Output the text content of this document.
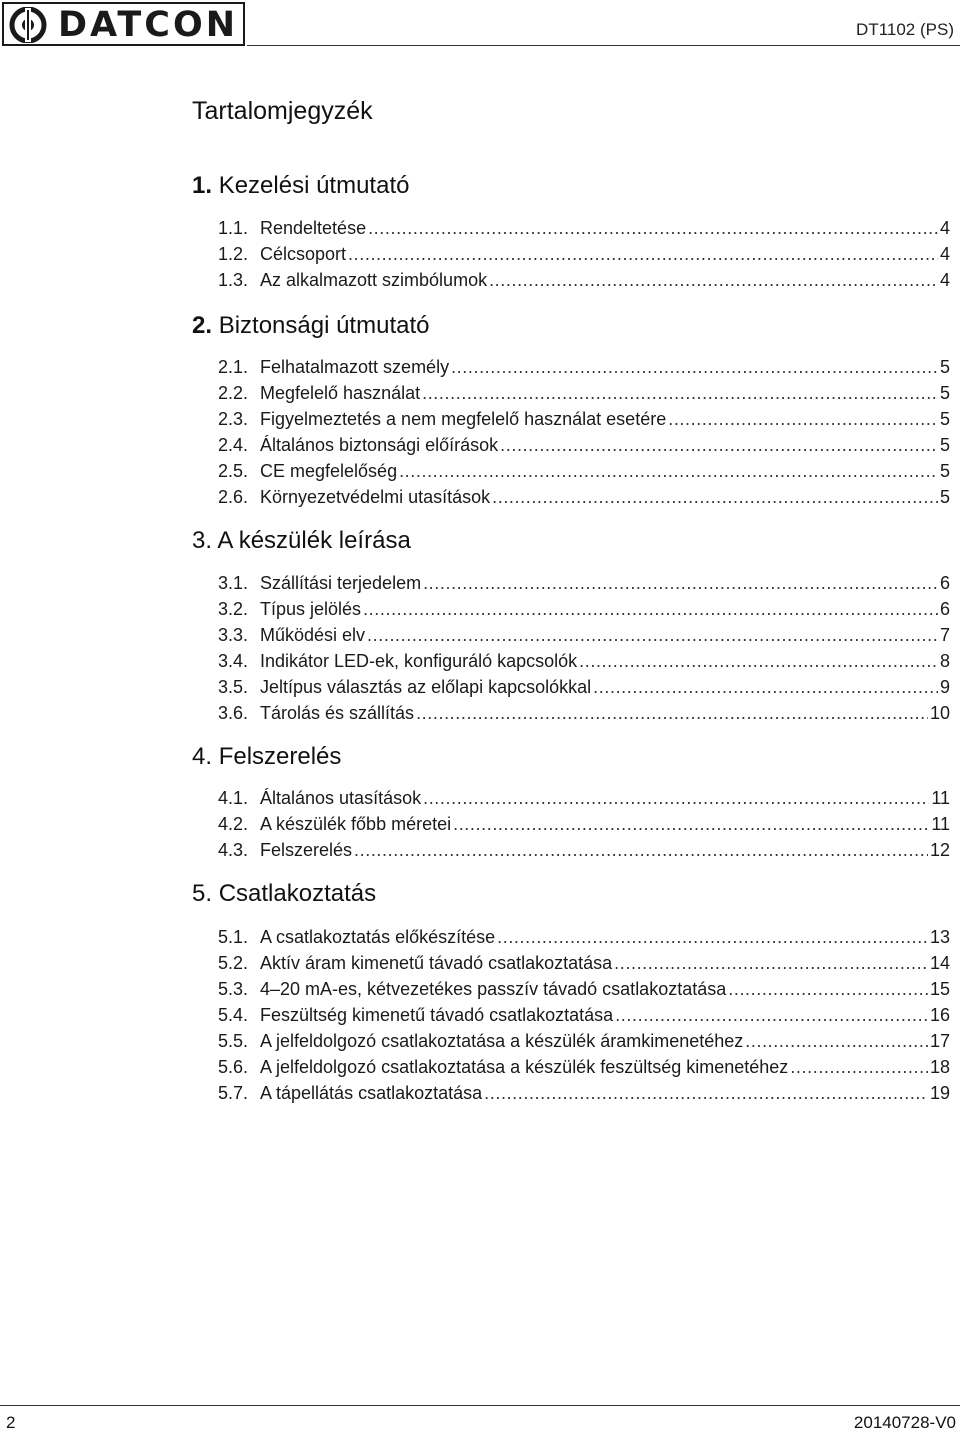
DATCON	DT1102 (PS)
Tartalomjegyzék
1. Kezelési útmutató
1.1. Rendeltetése .....	4
1.2. Célcsoport .....	4
1.3. Az alkalmazott szimbólumok .....	4
2. Biztonsági útmutató
2.1. Felhatalmazott személy .....	5
2.2. Megfelelő használat .....	5
2.3. Figyelmeztetés a nem megfelelő használat esetére .....	5
2.4. Általános biztonsági előírások .....	5
2.5. CE megfelelőség .....	5
2.6. Környezetvédelmi utasítások .....	5
3. A készülék leírása
3.1. Szállítási terjedelem .....	6
3.2. Típus jelölés .....	6
3.3. Működési elv .....	7
3.4. Indikátor LED-ek, konfiguráló kapcsolók .....	8
3.5. Jeltípus választás az előlapi kapcsolókkal .....	9
3.6. Tárolás és szállítás .....	10
4. Felszerelés
4.1. Általános utasítások .....	11
4.2. A készülék főbb méretei .....	11
4.3. Felszerelés .....	12
5. Csatlakoztatás
5.1. A csatlakoztatás előkészítése .....	13
5.2. Aktív áram kimenetű távadó csatlakoztatása .....	14
5.3. 4–20 mA-es, kétvezetékes passzív távadó csatlakoztatása .....	15
5.4. Feszültség kimenetű távadó csatlakoztatása .....	16
5.5. A jelfeldolgozó csatlakoztatása a készülék áramkimenetéhez .....	17
5.6. A jelfeldolgozó csatlakoztatása a készülék feszültség kimenetéhez .....	18
5.7. A tápellátás csatlakoztatása .....	19
2	20140728-V0
